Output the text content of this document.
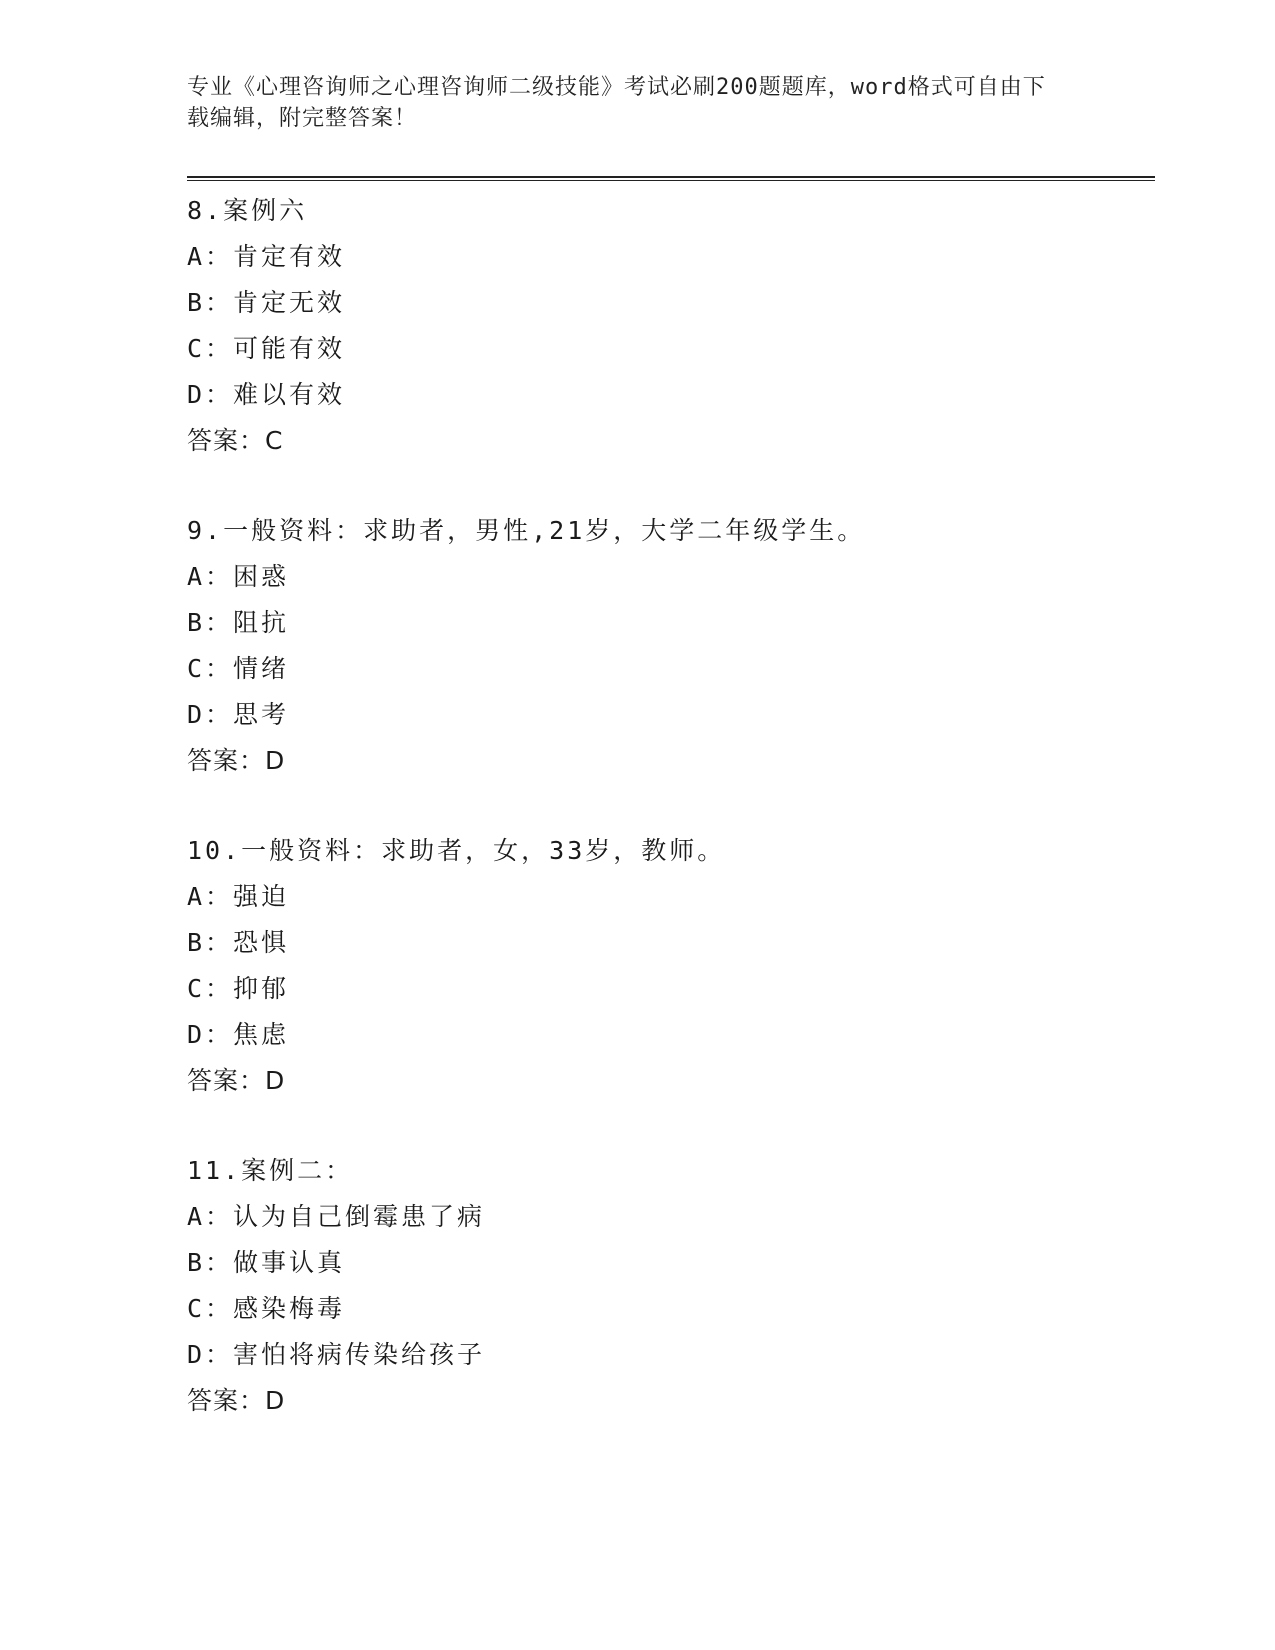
专业《心理咨询师之心理咨询师二级技能》考试必刷200题题库，word格式可自由下载编辑，附完整答案！
8.案例六
A：肯定有效
B：肯定无效
C：可能有效
D：难以有效
答案：C
9.一般资料：求助者，男性,21岁，大学二年级学生。
A：困惑
B：阻抗
C：情绪
D：思考
答案：D
10.一般资料：求助者，女，33岁，教师。
A：强迫
B：恐惧
C：抑郁
D：焦虑
答案：D
11.案例二：
A：认为自己倒霉患了病
B：做事认真
C：感染梅毒
D：害怕将病传染给孩子
答案：D
